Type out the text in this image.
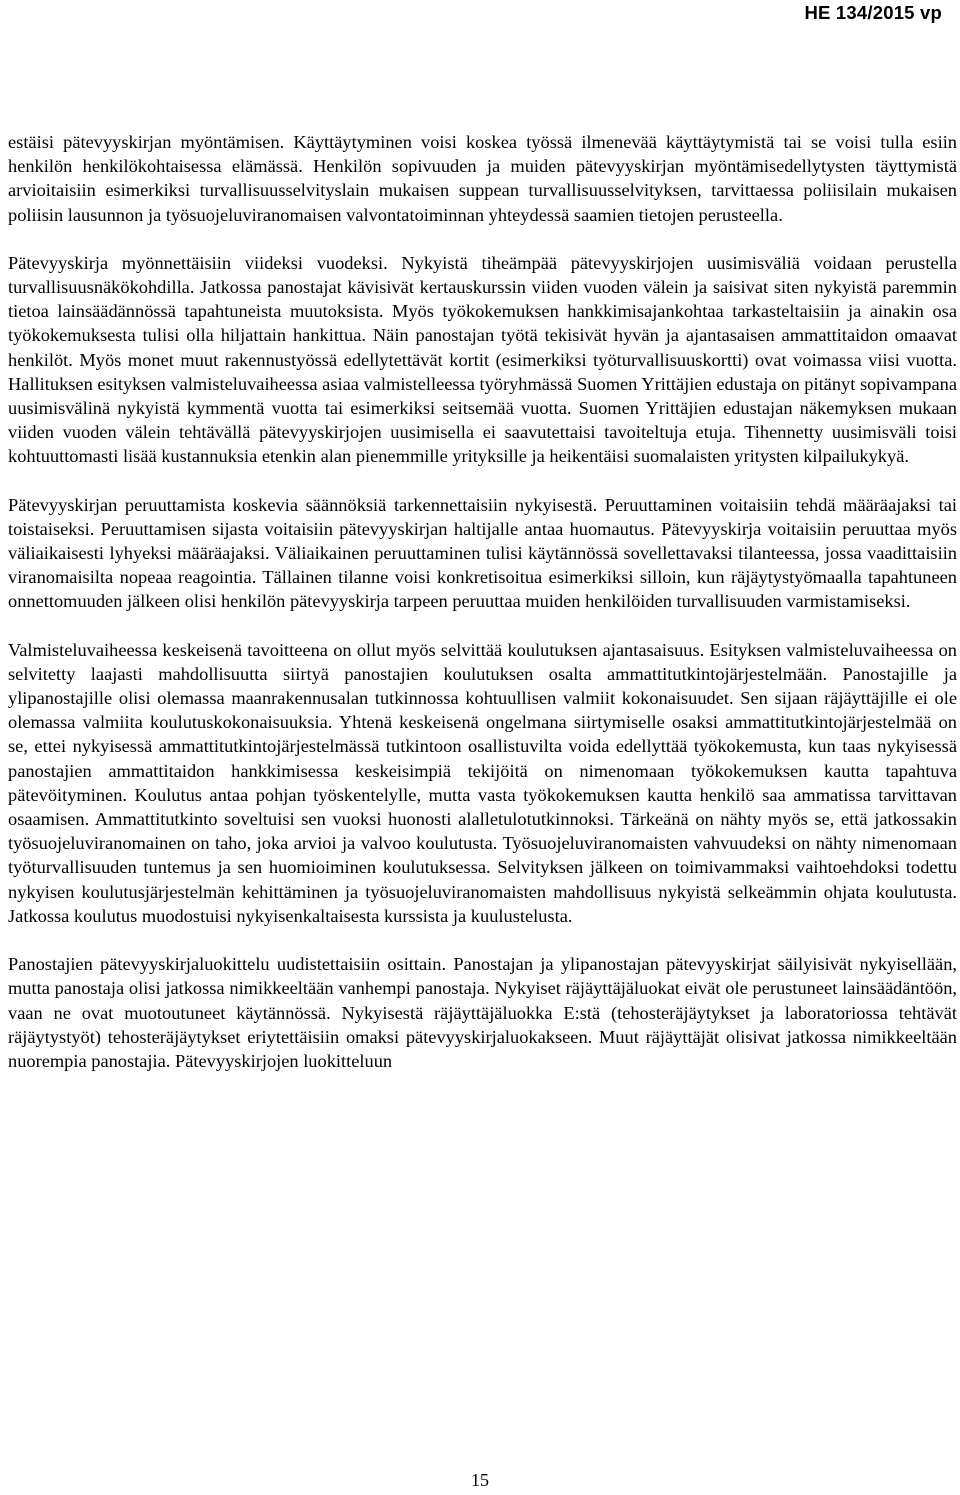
HE 134/2015 vp

estäisi pätevyyskirjan myöntämisen. Käyttäytyminen voisi koskea työssä ilmenevää käyttäytymistä tai se voisi tulla esiin henkilön henkilökohtaisessa elämässä. Henkilön sopivuuden ja muiden pätevyyskirjan myöntämisedellytysten täyttymistä arvioitaisiin esimerkiksi turvallisuusselvityslain mukaisen suppean turvallisuusselvityksen, tarvittaessa poliisilain mukaisen poliisin lausunnon ja työsuojeluviranomaisen valvontatoiminnan yhteydessä saamien tietojen perusteella.

Pätevyyskirja myönnettäisiin viideksi vuodeksi. Nykyistä tiheämpää pätevyyskirjojen uusimisväliä voidaan perustella turvallisuusnäkökohdilla. Jatkossa panostajat kävisivät kertauskurssin viiden vuoden välein ja saisivat siten nykyistä paremmin tietoa lainsäädännössä tapahtuneista muutoksista. Myös työkokemuksen hankkimisajankohtaa tarkasteltaisiin ja ainakin osa työkokemuksesta tulisi olla hiljattain hankittua. Näin panostajan työtä tekisivät hyvän ja ajantasaisen ammattitaidon omaavat henkilöt. Myös monet muut rakennustyössä edellytettävät kortit (esimerkiksi työturvallisuuskortti) ovat voimassa viisi vuotta. Hallituksen esityksen valmisteluvaiheessa asiaa valmistelleessa työryhmässä Suomen Yrittäjien edustaja on pitänyt sopivampana uusimisvälinä nykyistä kymmentä vuotta tai esimerkiksi seitsemää vuotta. Suomen Yrittäjien edustajan näkemyksen mukaan viiden vuoden välein tehtävällä pätevyyskirjojen uusimisella ei saavutettaisi tavoiteltuja etuja. Tihennetty uusimisväli toisi kohtuuttomasti lisää kustannuksia etenkin alan pienemmille yrityksille ja heikentäisi suomalaisten yritysten kilpailukykyä.

Pätevyyskirjan peruuttamista koskevia säännöksiä tarkennettaisiin nykyisestä. Peruuttaminen voitaisiin tehdä määräajaksi tai toistaiseksi. Peruuttamisen sijasta voitaisiin pätevyyskirjan haltijalle antaa huomautus. Pätevyyskirja voitaisiin peruuttaa myös väliaikaisesti lyhyeksi määräajaksi. Väliaikainen peruuttaminen tulisi käytännössä sovellettavaksi tilanteessa, jossa vaadittaisiin viranomaisilta nopeaa reagointia. Tällainen tilanne voisi konkretisoitua esimerkiksi silloin, kun räjäytystyömaalla tapahtuneen onnettomuuden jälkeen olisi henkilön pätevyyskirja tarpeen peruuttaa muiden henkilöiden turvallisuuden varmistamiseksi.

Valmisteluvaiheessa keskeisenä tavoitteena on ollut myös selvittää koulutuksen ajantasaisuus. Esityksen valmisteluvaiheessa on selvitetty laajasti mahdollisuutta siirtyä panostajien koulutuksen osalta ammattitutkintojärjestelmään. Panostajille ja ylipanostajille olisi olemassa maanrakennusalan tutkinnossa kohtuullisen valmiit kokonaisuudet. Sen sijaan räjäyttäjille ei ole olemassa valmiita koulutuskokonaisuuksia. Yhtenä keskeisenä ongelmana siirtymiselle osaksi ammattitutkintojärjestelmää on se, ettei nykyisessä ammattitutkintojärjestelmässä tutkintoon osallistuvilta voida edellyttää työkokemusta, kun taas nykyisessä panostajien ammattitaidon hankkimisessa keskeisimpiä tekijöitä on nimenomaan työkokemuksen kautta tapahtuva pätevöityminen. Koulutus antaa pohjan työskentelylle, mutta vasta työkokemuksen kautta henkilö saa ammatissa tarvittavan osaamisen. Ammattitutkinto soveltuisi sen vuoksi huonosti alalletulotutkinnoksi. Tärkeänä on nähty myös se, että jatkossakin työsuojeluviranomainen on taho, joka arvioi ja valvoo koulutusta. Työsuojeluviranomaisten vahvuudeksi on nähty nimenomaan työturvallisuuden tuntemus ja sen huomioiminen koulutuksessa. Selvityksen jälkeen on toimivammaksi vaihtoehdoksi todettu nykyisen koulutusjärjestelmän kehittäminen ja työsuojeluviranomaisten mahdollisuus nykyistä selkeämmin ohjata koulutusta. Jatkossa koulutus muodostuisi nykyisenkaltaisesta kurssista ja kuulustelusta.

Panostajien pätevyyskirjaluokittelu uudistettaisiin osittain. Panostajan ja ylipanostajan pätevyyskirjat säilyisivät nykyisellään, mutta panostaja olisi jatkossa nimikkeeltään vanhempi panostaja. Nykyiset räjäyttäjäluokat eivät ole perustuneet lainsäädäntöön, vaan ne ovat muotoutuneet käytännössä. Nykyisestä räjäyttäjäluokka E:stä (tehosteräjäytykset ja laboratoriossa tehtävät räjäytystyöt) tehosteräjäytykset eriytettäisiin omaksi pätevyyskirjaluokakseen. Muut räjäyttäjät olisivat jatkossa nimikkeeltään nuorempia panostajia. Pätevyyskirjojen luokitteluun

15
